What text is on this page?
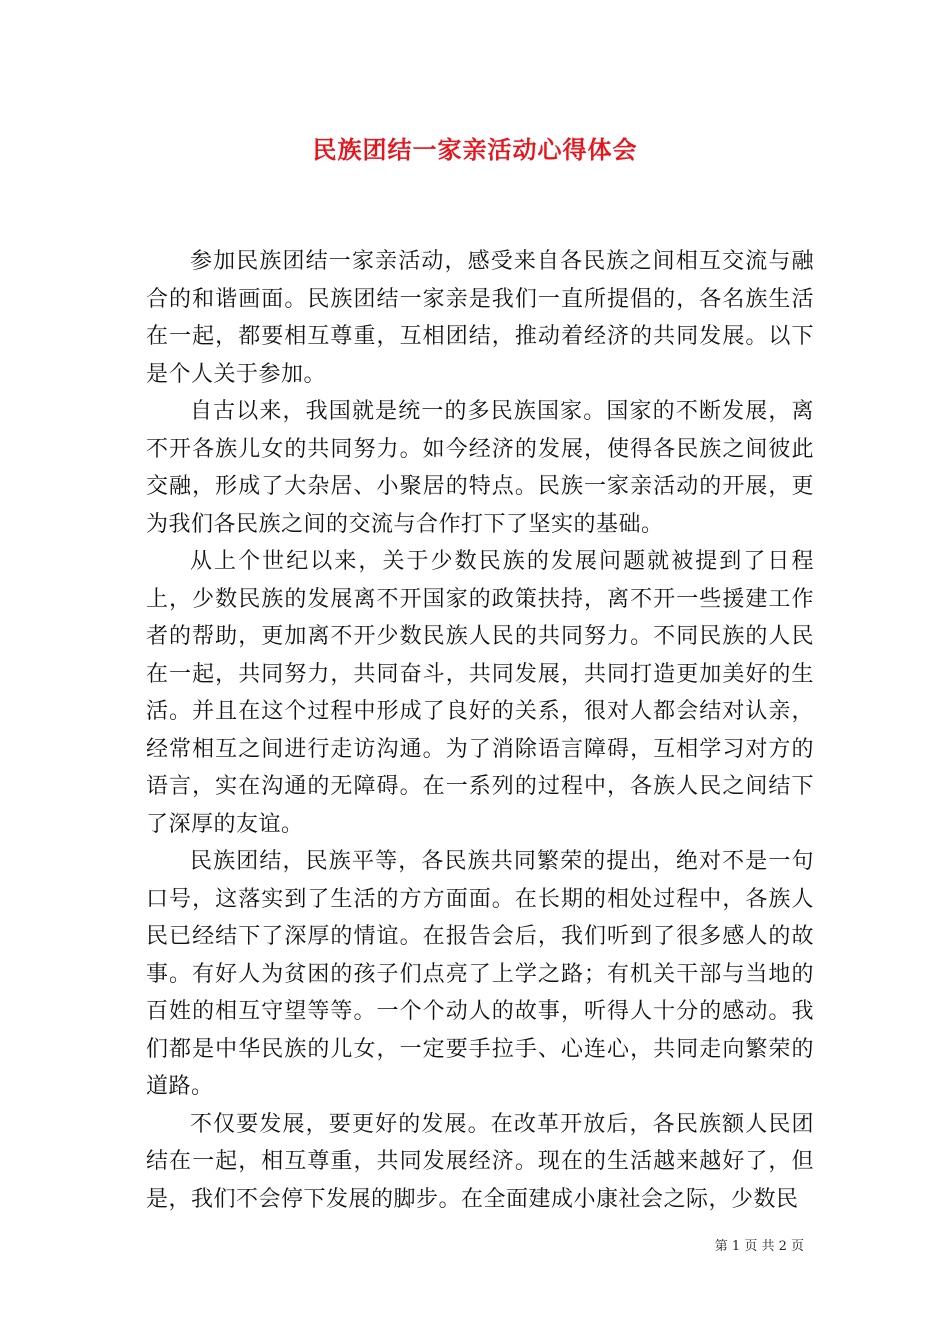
民族团结一家亲活动心得体会

参加民族团结一家亲活动，感受来自各民族之间相互交流与融合的和谐画面。民族团结一家亲是我们一直所提倡的，各名族生活在一起，都要相互尊重，互相团结，推动着经济的共同发展。以下是个人关于参加。

自古以来，我国就是统一的多民族国家。国家的不断发展，离不开各族儿女的共同努力。如今经济的发展，使得各民族之间彼此交融，形成了大杂居、小聚居的特点。民族一家亲活动的开展，更为我们各民族之间的交流与合作打下了坚实的基础。

从上个世纪以来，关于少数民族的发展问题就被提到了日程上，少数民族的发展离不开国家的政策扶持，离不开一些援建工作者的帮助，更加离不开少数民族人民的共同努力。不同民族的人民在一起，共同努力，共同奋斗，共同发展，共同打造更加美好的生活。并且在这个过程中形成了良好的关系，很对人都会结对认亲，经常相互之间进行走访沟通。为了消除语言障碍，互相学习对方的语言，实在沟通的无障碍。在一系列的过程中，各族人民之间结下了深厚的友谊。

民族团结，民族平等，各民族共同繁荣的提出，绝对不是一句口号，这落实到了生活的方方面面。在长期的相处过程中，各族人民已经结下了深厚的情谊。在报告会后，我们听到了很多感人的故事。有好人为贫困的孩子们点亮了上学之路；有机关干部与当地的百姓的相互守望等等。一个个动人的故事，听得人十分的感动。我们都是中华民族的儿女，一定要手拉手、心连心，共同走向繁荣的道路。

不仅要发展，要更好的发展。在改革开放后，各民族额人民团结在一起，相互尊重，共同发展经济。现在的生活越来越好了，但是，我们不会停下发展的脚步。在全面建成小康社会之际，少数民

第 1 页 共 2 页
